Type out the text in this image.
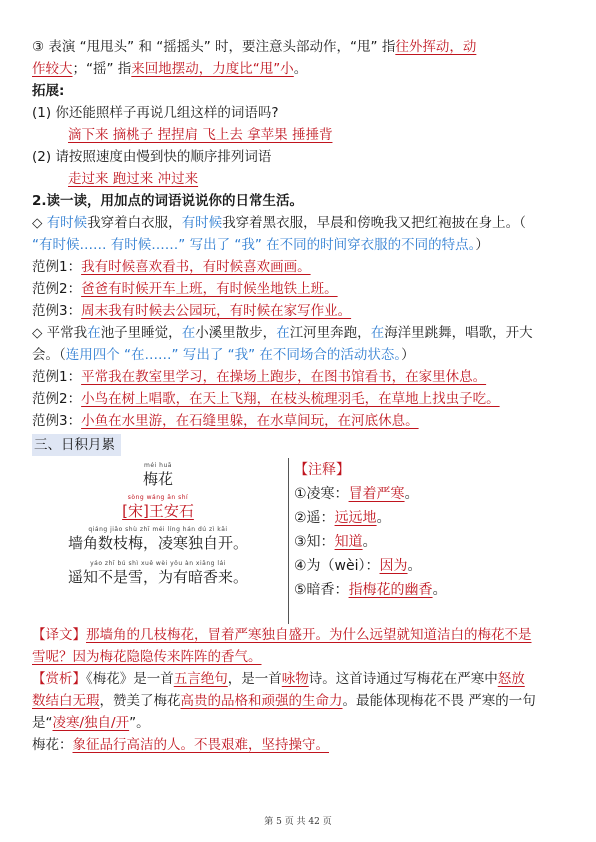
③ 表演 “甩甩头” 和 “摇摇头” 时，要注意头部动作，“甩” 指往外挥动，动
作较大；“摇” 指来回地摆动，力度比“甩”小。
拓展:
(1) 你还能照样子再说几组这样的词语吗?
滴下来 摘桃子 捏捏肩 飞上去 拿苹果 捶捶背
(2) 请按照速度由慢到快的顺序排列词语
走过来 跑过来 冲过来
2.读一读，用加点的词语说说你的日常生活。
◇ 有时候我穿着白衣服，有时候我穿着黑衣服，早晨和傍晚我又把红袍披在身上。（
“有时候…… 有时候……” 写出了 “我” 在不同的时间穿衣服的不同的特点。）
范例1：我有时候喜欢看书，有时候喜欢画画。
范例2：爸爸有时候开车上班，有时候坐地铁上班。
范例3：周末我有时候去公园玩，有时候在家写作业。
◇ 平常我在池子里睡觉，在小溪里散步，在江河里奔跑，在海洋里跳舞，唱歌，开大
会。（连用四个 “在……” 写出了 “我” 在不同场合的活动状态。）
范例1：平常我在教室里学习，在操场上跑步，在图书馆看书，在家里休息。
范例2：小鸟在树上唱歌，在天上飞翔，在枝头梳理羽毛，在草地上找虫子吃。
范例3：小鱼在水里游，在石缝里躲，在水草间玩，在河底休息。
三、日积月累
méi huā
梅花
sòng wáng ān shí
[宋]王安石
qiáng jiǎo shù zhī méi líng hán dú zì kāi
墙角数枝梅，凌寒独自开。
yáo zhī bú shì xuě wèi yǒu àn xiāng lái
遥知不是雪，为有暗香来。
【注释】
①凌寒：冒着严寒。
②遥：远远地。
③知：知道。
④为（wèi）：因为。
⑤暗香：指梅花的幽香。
【译文】那墙角的几枝梅花，冒着严寒独自盛开。为什么远望就知道洁白的梅花不是
雪呢？因为梅花隐隐传来阵阵的香气。
【赏析】《梅花》是一首五言绝句，是一首咏物诗。这首诗通过写梅花在严寒中怒放
数结白无瑕，赞美了梅花高贵的品格和顽强的生命力。最能体现梅花不畏 严寒的一句
是“凌寒/独自/开”。
梅花：象征品行高洁的人。不畏艰难，坚持操守。
第 5 页 共 42 页
